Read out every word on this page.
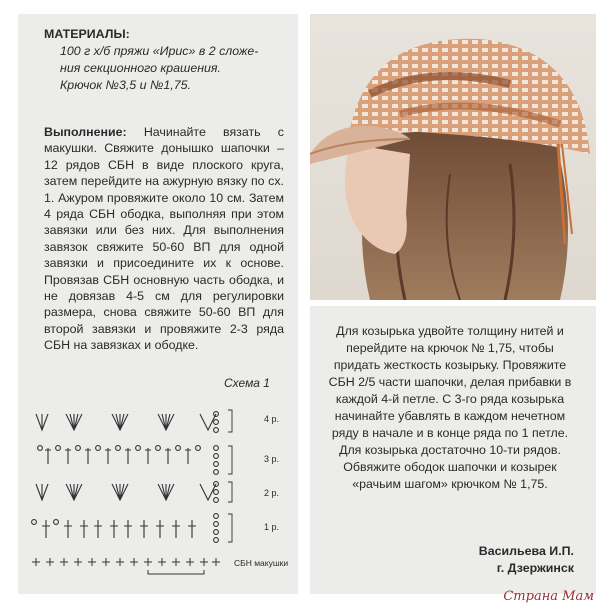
МАТЕРИАЛЫ:
100 г х/б пряжи «Ирис» в 2 сложе-
ния секционного крашения.
Крючок №3,5 и №1,75.
Выполнение: Начинайте вязать с макушки. Свяжите донышко шапочки – 12 рядов СБН в виде плоского круга, затем перейдите на ажурную вязку по сх. 1. Ажуром провяжите около 10 см. Затем 4 ряда СБН ободка, выполняя при этом завязки или без них. Для выполнения завязок свяжите 50-60 ВП для одной завязки и присоедините их к основе. Провязав СБН основную часть ободка, и не довязав 4-5 см для регулировки размера, снова свяжите 50-60 ВП для второй завязки и провяжите 2-3 ряда СБН на завязках и ободке.
Схема 1
4 р.
3 р.
2 р.
1 р.
СБН макушки
Для козырька удвойте толщину нитей и перейдите на крючок № 1,75, чтобы придать жесткость козырьку. Провяжите СБН 2/5 части шапочки, делая прибавки в каждой 4-й петле. С 3-го ряда козырька начинайте убавлять в каждом нечетном ряду в начале и в конце ряда по 1 петле. Для козырька достаточно 10-ти рядов. Обвяжите ободок шапочки и козырек «рачьим шагом» крючком № 1,75.
Васильева И.П.
г. Дзержинск
Страна Мам
